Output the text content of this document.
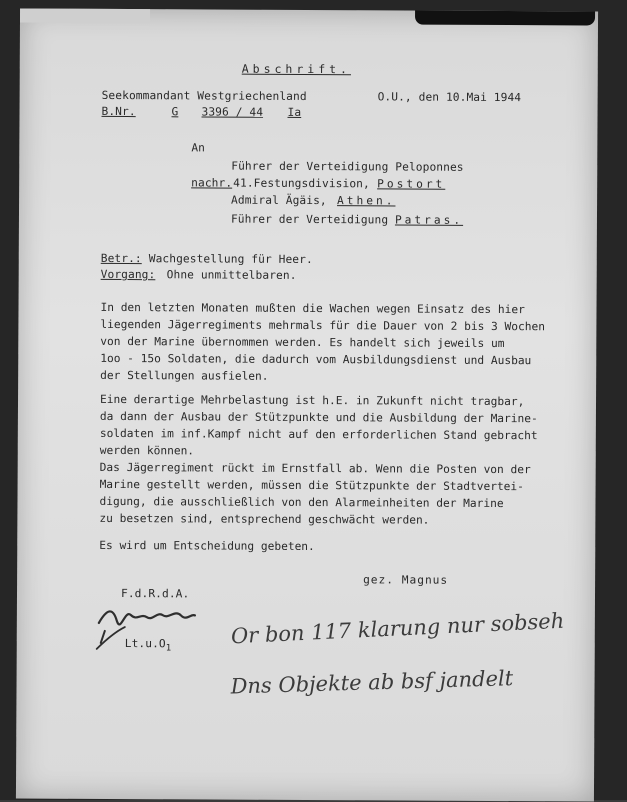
Abschrift.
Seekommandant Westgriechenland	O.U., den 10.Mai 1944
B.Nr.	G 3396 / 44 Ia
An
Führer der Verteidigung Peloponnes
nachr. 41.Festungsdivision, Postort
Admiral Ägäis, Athen.
Führer der Verteidigung Patras.
Betr.: Wachgestellung für Heer.
Vorgang: Ohne unmittelbaren.
In den letzten Monaten mußten die Wachen wegen Einsatz des hier
liegenden Jägerregiments mehrmals für die Dauer von 2 bis 3 Wochen
von der Marine übernommen werden. Es handelt sich jeweils um
1oo - 15o Soldaten, die dadurch vom Ausbildungsdienst und Ausbau
der Stellungen ausfielen.
Eine derartige Mehrbelastung ist h.E. in Zukunft nicht tragbar,
da dann der Ausbau der Stützpunkte und die Ausbildung der Marine-
soldaten im inf.Kampf nicht auf den erforderlichen Stand gebracht
werden können.
Das Jägerregiment rückt im Ernstfall ab. Wenn die Posten von der
Marine gestellt werden, müssen die Stützpunkte der Stadtvertei-
digung, die ausschließlich von den Alarmeinheiten der Marine
zu besetzen sind, entsprechend geschwächt werden.
Es wird um Entscheidung gebeten.
gez. Magnus
F.d.R.d.A.
$Lt.u.O_1$
Or bon 117 klarung nur sobseh
Dns Objekte ab bsf jandelt
